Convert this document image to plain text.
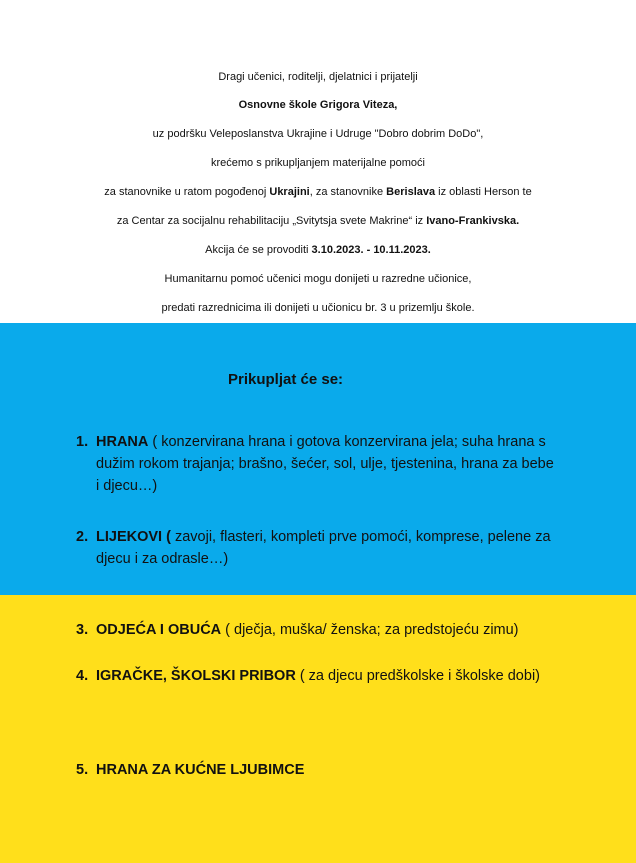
Dragi učenici, roditelji, djelatnici i prijatelji
Osnovne škole Grigora Viteza,
uz podršku Veleposlanstva Ukrajine i Udruge "Dobro dobrim DoDo",
krećemo s prikupljanjem materijalne pomoći
za stanovnike u ratom pogođenoj Ukrajini, za stanovnike Berislava iz oblasti Herson te
za Centar za socijalnu rehabilitaciju „Svitytsja svete Makrine“ iz Ivano-Frankivska.
Akcija će se provoditi 3.10.2023. - 10.11.2023.
Humanitarnu pomoć učenici mogu donijeti u razredne učionice,
predati razrednicima ili donijeti u učionicu br. 3 u prizemlju škole.
Prikupljat će se:
1. HRANA ( konzervirana hrana i gotova konzervirana jela; suha hrana s dužim rokom trajanja; brašno, šećer, sol, ulje, tjestenina, hrana za bebe i djecu…)
2. LIJEKOVI ( zavoji, flasteri, kompleti prve pomoći, komprese, pelene za djecu i za odrasle…)
3. ODJEĆA I OBUĆA ( dječja, muška/ ženska; za predstojeću zimu)
4. IGRAČKE, ŠKOLSKI PRIBOR ( za djecu predškolske i školske dobi)
5. HRANA ZA KUĆNE LJUBIMCE
